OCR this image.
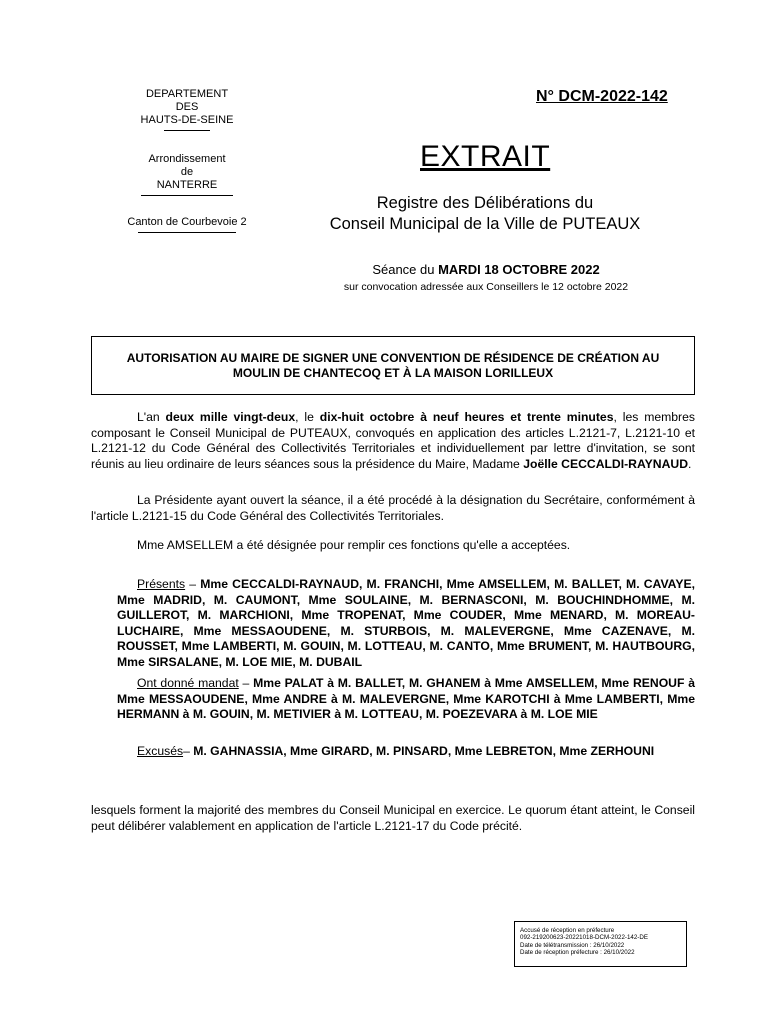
DEPARTEMENT
DES
HAUTS-DE-SEINE
Arrondissement
de
NANTERRE
Canton de Courbevoie 2
N° DCM-2022-142
EXTRAIT
Registre des Délibérations du
Conseil Municipal de la Ville de PUTEAUX
Séance du MARDI 18 OCTOBRE 2022
sur convocation adressée aux Conseillers le 12 octobre 2022
AUTORISATION AU MAIRE DE SIGNER UNE CONVENTION DE RÉSIDENCE DE CRÉATION AU MOULIN DE CHANTECOQ ET À LA MAISON LORILLEUX
L'an deux mille vingt-deux, le dix-huit octobre à neuf heures et trente minutes, les membres composant le Conseil Municipal de PUTEAUX, convoqués en application des articles L.2121-7, L.2121-10 et L.2121-12 du Code Général des Collectivités Territoriales et individuellement par lettre d'invitation, se sont réunis au lieu ordinaire de leurs séances sous la présidence du Maire, Madame Joëlle CECCALDI-RAYNAUD.
La Présidente ayant ouvert la séance, il a été procédé à la désignation du Secrétaire, conformément à l'article L.2121-15 du Code Général des Collectivités Territoriales.
Mme AMSELLEM a été désignée pour remplir ces fonctions qu'elle a acceptées.
Présents – Mme CECCALDI-RAYNAUD, M. FRANCHI, Mme AMSELLEM, M. BALLET, M. CAVAYE, Mme MADRID, M. CAUMONT, Mme SOULAINE, M. BERNASCONI, M. BOUCHINDHOMME, M. GUILLEROT, M. MARCHIONI, Mme TROPENAT, Mme COUDER, Mme MENARD, M. MOREAU-LUCHAIRE, Mme MESSAOUDENE, M. STURBOIS, M. MALEVERGNE, Mme CAZENAVE, M. ROUSSET, Mme LAMBERTI, M. GOUIN, M. LOTTEAU, M. CANTO, Mme BRUMENT, M. HAUTBOURG, Mme SIRSALANE, M. LOE MIE, M. DUBAIL
Ont donné mandat – Mme PALAT à M. BALLET, M. GHANEM à Mme AMSELLEM, Mme RENOUF à Mme MESSAOUDENE, Mme ANDRE à M. MALEVERGNE, Mme KAROTCHI à Mme LAMBERTI, Mme HERMANN à M. GOUIN, M. METIVIER à M. LOTTEAU, M. POEZEVARA à M. LOE MIE
Excusés– M. GAHNASSIA, Mme GIRARD, M. PINSARD, Mme LEBRETON, Mme ZERHOUNI
lesquels forment la majorité des membres du Conseil Municipal en exercice. Le quorum étant atteint, le Conseil peut délibérer valablement en application de l'article L.2121-17 du Code précité.
Accusé de réception en préfecture
092-219200623-20221018-DCM-2022-142-DE
Date de télétransmission : 26/10/2022
Date de réception préfecture : 26/10/2022
